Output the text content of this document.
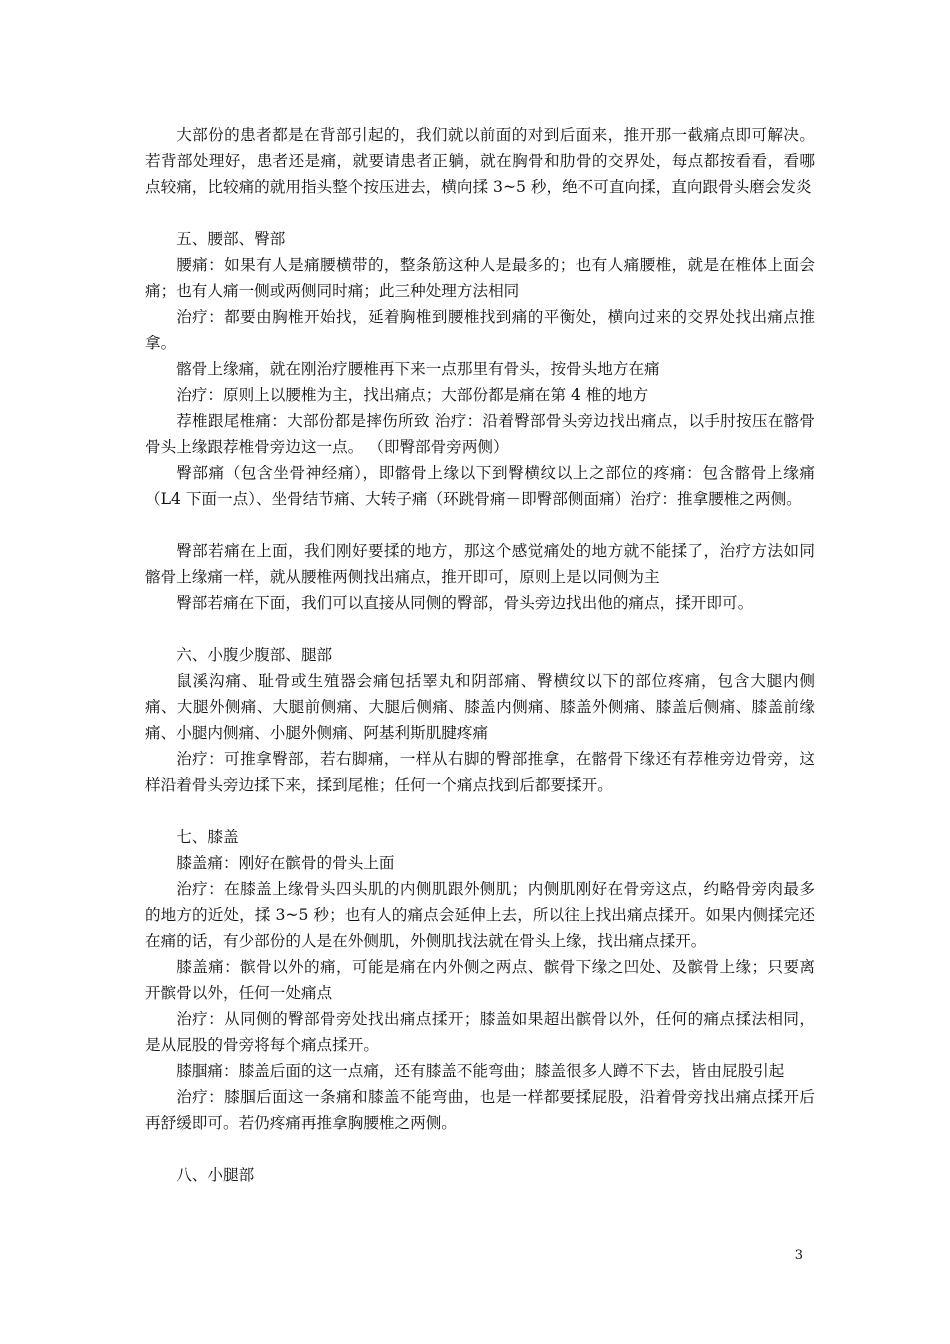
大部份的患者都是在背部引起的，我们就以前面的对到后面来，推开那一截痛点即可解决。若背部处理好，患者还是痛，就要请患者正躺，就在胸骨和肋骨的交界处，每点都按看看，看哪点较痛，比较痛的就用指头整个按压进去，横向揉 3~5 秒，绝不可直向揉，直向跟骨头磨会发炎

五、腰部、臀部

腰痛：如果有人是痛腰横带的，整条筋这种人是最多的；也有人痛腰椎，就是在椎体上面会痛；也有人痛一侧或两侧同时痛；此三种处理方法相同

治疗：都要由胸椎开始找，延着胸椎到腰椎找到痛的平衡处，横向过来的交界处找出痛点推拿。

髂骨上缘痛，就在刚治疗腰椎再下来一点那里有骨头，按骨头地方在痛

治疗：原则上以腰椎为主，找出痛点；大部份都是痛在第 4 椎的地方

荐椎跟尾椎痛：大部份都是摔伤所致 治疗：沿着臀部骨头旁边找出痛点，以手肘按压在髂骨骨头上缘跟荐椎骨旁边这一点。 （即臀部骨旁两侧）

臀部痛（包含坐骨神经痛），即髂骨上缘以下到臀横纹以上之部位的疼痛：包含髂骨上缘痛（L4 下面一点）、坐骨结节痛、大转子痛（环跳骨痛－即臀部侧面痛）治疗：推拿腰椎之两侧。

臀部若痛在上面，我们刚好要揉的地方，那这个感觉痛处的地方就不能揉了，治疗方法如同髂骨上缘痛一样，就从腰椎两侧找出痛点，推开即可，原则上是以同侧为主

臀部若痛在下面，我们可以直接从同侧的臀部，骨头旁边找出他的痛点，揉开即可。

六、小腹少腹部、腿部

鼠溪沟痛、耻骨或生殖器会痛包括睪丸和阴部痛、臀横纹以下的部位疼痛，包含大腿内侧痛、大腿外侧痛、大腿前侧痛、大腿后侧痛、膝盖内侧痛、膝盖外侧痛、膝盖后侧痛、膝盖前缘痛、小腿内侧痛、小腿外侧痛、阿基利斯肌腱疼痛

治疗：可推拿臀部，若右脚痛，一样从右脚的臀部推拿，在髂骨下缘还有荐椎旁边骨旁，这样沿着骨头旁边揉下来，揉到尾椎；任何一个痛点找到后都要揉开。

七、膝盖

膝盖痛：刚好在髌骨的骨头上面

治疗：在膝盖上缘骨头四头肌的内侧肌跟外侧肌；内侧肌刚好在骨旁这点，约略骨旁肉最多的地方的近处，揉 3~5 秒；也有人的痛点会延伸上去，所以往上找出痛点揉开。如果内侧揉完还在痛的话，有少部份的人是在外侧肌，外侧肌找法就在骨头上缘，找出痛点揉开。

膝盖痛：髌骨以外的痛，可能是痛在内外侧之两点、髌骨下缘之凹处、及髌骨上缘；只要离开髌骨以外，任何一处痛点

治疗：从同侧的臀部骨旁处找出痛点揉开；膝盖如果超出髌骨以外，任何的痛点揉法相同，是从屁股的骨旁将每个痛点揉开。

膝腘痛：膝盖后面的这一点痛，还有膝盖不能弯曲；膝盖很多人蹲不下去，皆由屁股引起

治疗：膝腘后面这一条痛和膝盖不能弯曲，也是一样都要揉屁股，沿着骨旁找出痛点揉开后再舒缓即可。若仍疼痛再推拿胸腰椎之两侧。

八、小腿部

3
